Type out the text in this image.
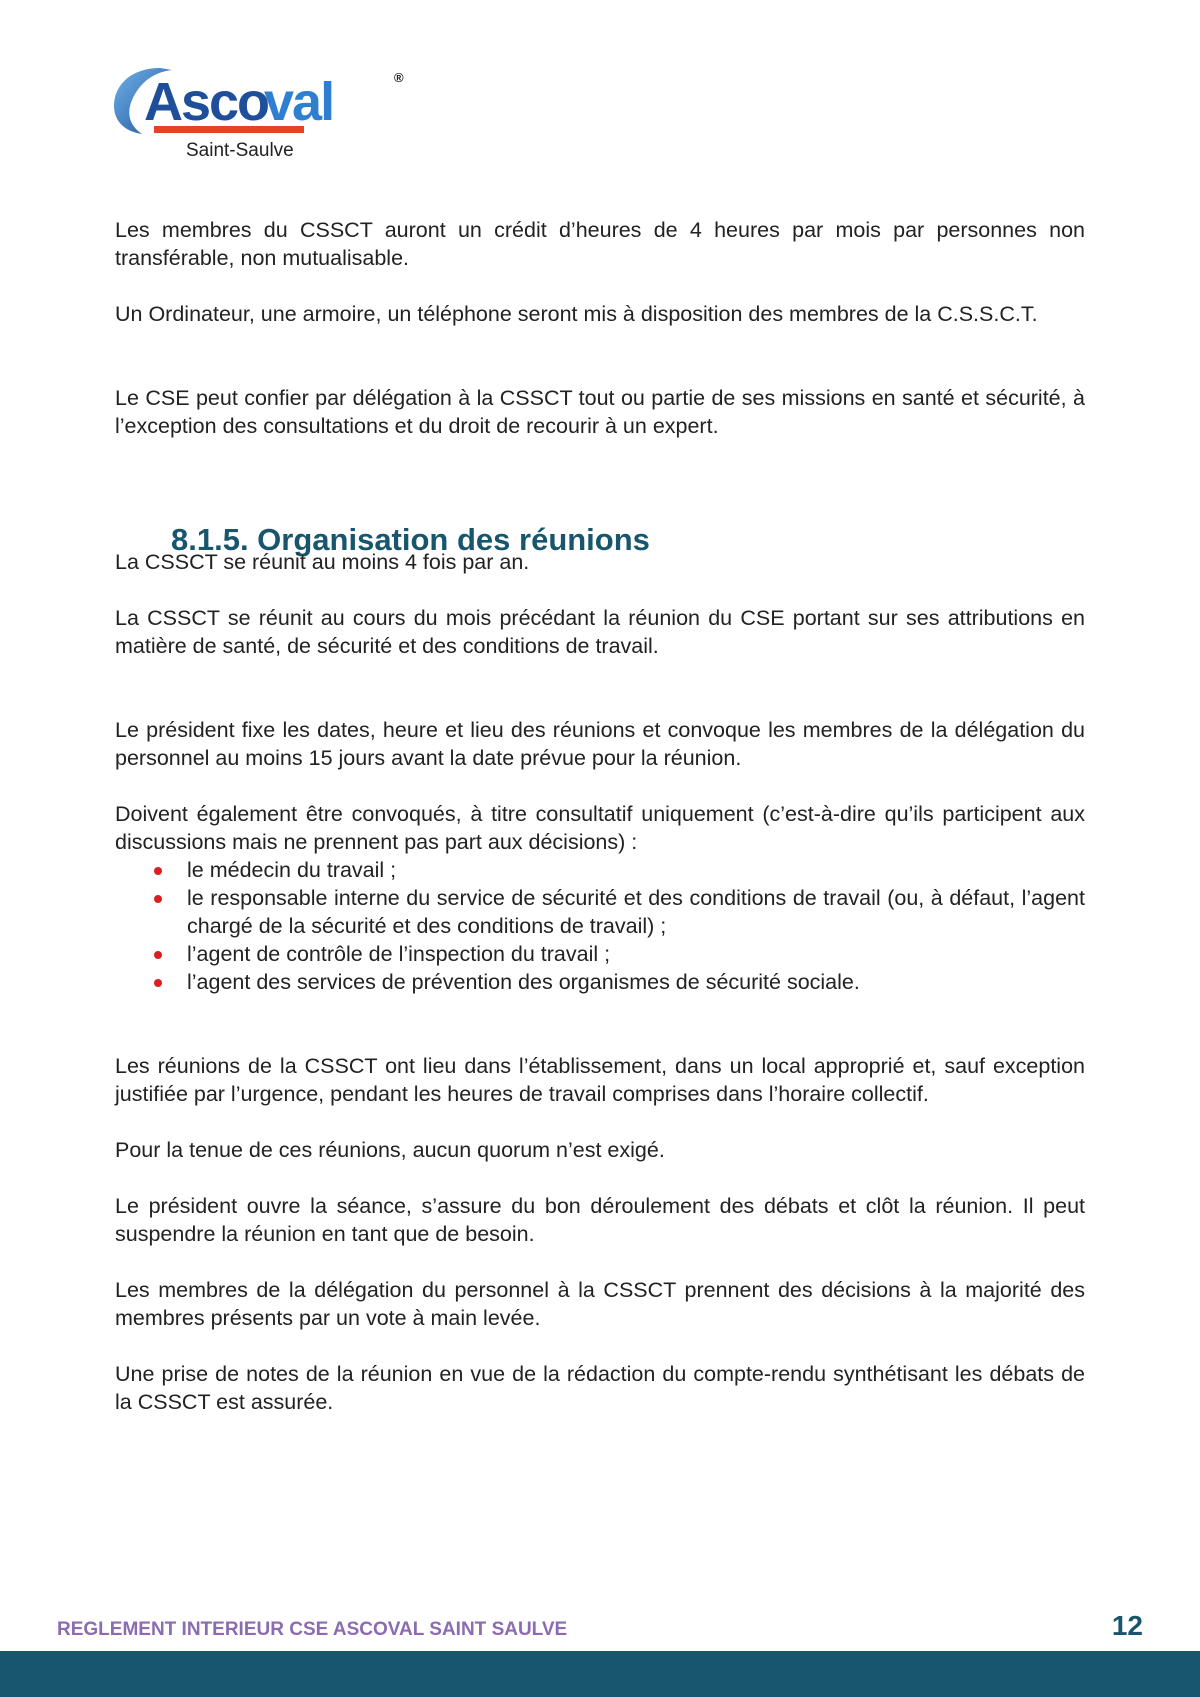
Asco
val	®
Saint-Saulve
8.1.5. Organisation des réunions

Les membres du CSSCT auront un crédit d’heures de 4 heures par mois par personnes non transférable, non mutualisable.

Un Ordinateur, une armoire, un téléphone seront mis à disposition des membres de la C.S.S.C.T.

Le CSE peut confier par délégation à la CSSCT tout ou partie de ses missions en santé et sécurité, à l’exception des consultations et du droit de recourir à un expert.

La CSSCT se réunit au moins 4 fois par an.

La CSSCT se réunit au cours du mois précédant la réunion du CSE portant sur ses attributions en matière de santé, de sécurité et des conditions de travail.

Le président fixe les dates, heure et lieu des réunions et convoque les membres de la délégation du personnel au moins 15 jours avant la date prévue pour la réunion.

Doivent également être convoqués, à titre consultatif uniquement (c’est-à-dire qu’ils participent aux discussions mais ne prennent pas part aux décisions) :

le médecin du travail ;
le responsable interne du service de sécurité et des conditions de travail (ou, à défaut, l’agent chargé de la sécurité et des conditions de travail) ;
l’agent de contrôle de l’inspection du travail ;
l’agent des services de prévention des organismes de sécurité sociale.

Les réunions de la CSSCT ont lieu dans l’établissement, dans un local approprié et, sauf exception justifiée par l’urgence, pendant les heures de travail comprises dans l’horaire collectif.

Pour la tenue de ces réunions, aucun quorum n’est exigé.

Le président ouvre la séance, s’assure du bon déroulement des débats et clôt la réunion. Il peut suspendre la réunion en tant que de besoin.

Les membres de la délégation du personnel à la CSSCT prennent des décisions à la majorité des membres présents par un vote à main levée.

Une prise de notes de la réunion en vue de la rédaction du compte-rendu synthétisant les débats de la CSSCT est assurée.

REGLEMENT INTERIEUR CSE ASCOVAL SAINT SAULVE	12
